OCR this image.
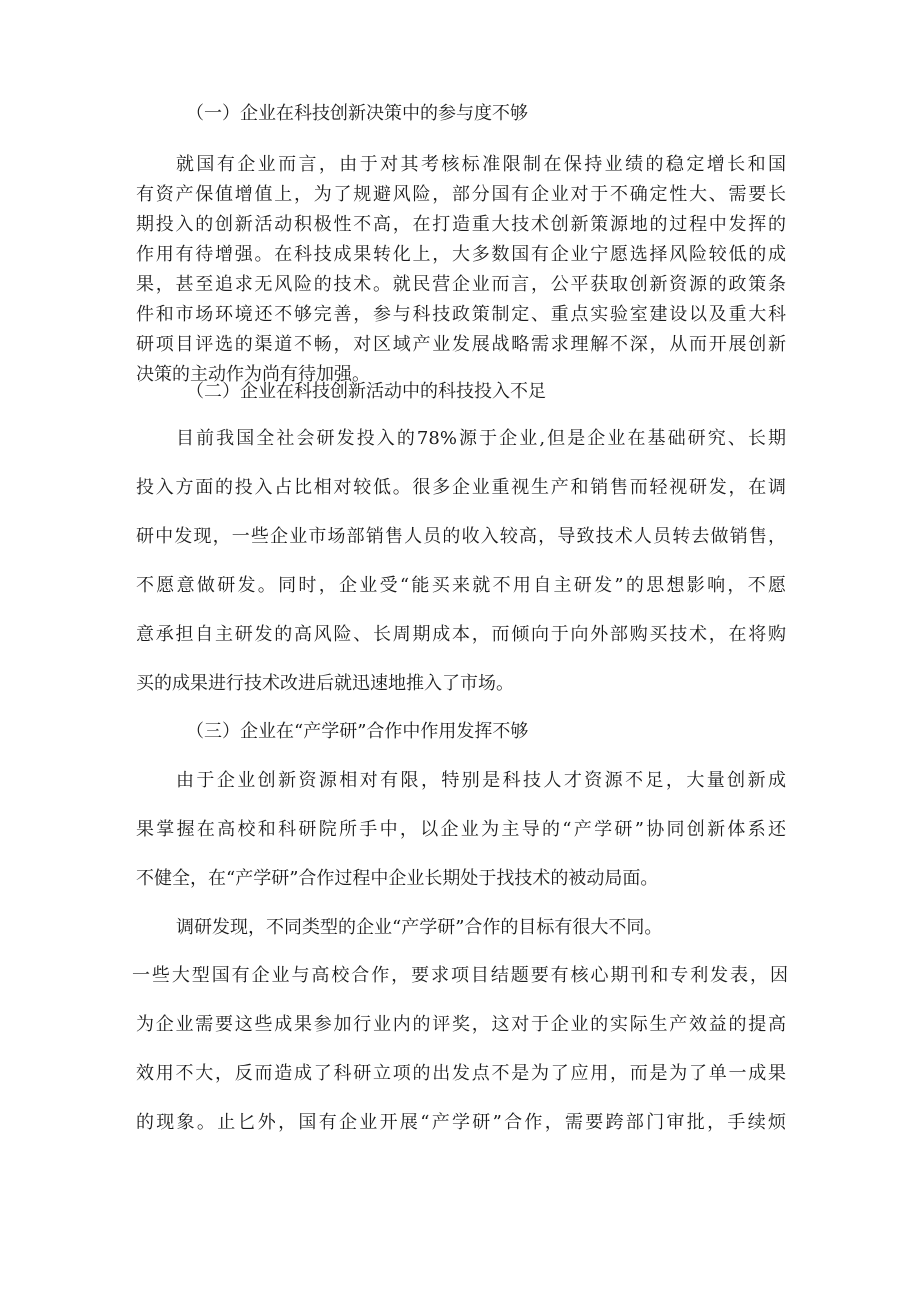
（一）企业在科技创新决策中的参与度不够
就国有企业而言，由于对其考核标准限制在保持业绩的稳定增长和国
有资产保值增值上，为了规避风险，部分国有企业对于不确定性大、需要长
期投入的创新活动积极性不高，在打造重大技术创新策源地的过程中发挥的
作用有待增强。在科技成果转化上，大多数国有企业宁愿选择风险较低的成
果，甚至追求无风险的技术。就民营企业而言，公平获取创新资源的政策条
件和市场环境还不够完善，参与科技政策制定、重点实验室建设以及重大科
研项目评选的渠道不畅，对区域产业发展战略需求理解不深，从而开展创新
决策的主动作为尚有待加强。
（二）企业在科技创新活动中的科技投入不足
目前我国全社会研发投入的78%源于企业,但是企业在基础研究、长期
投入方面的投入占比相对较低。很多企业重视生产和销售而轻视研发，在调
研中发现，一些企业市场部销售人员的收入较高，导致技术人员转去做销售，
不愿意做研发。同时，企业受“能买来就不用自主研发”的思想影响，不愿
意承担自主研发的高风险、长周期成本，而倾向于向外部购买技术，在将购
买的成果进行技术改进后就迅速地推入了市场。
（三）企业在“产学研”合作中作用发挥不够
由于企业创新资源相对有限，特别是科技人才资源不足，大量创新成
果掌握在高校和科研院所手中，以企业为主导的“产学研”协同创新体系还
不健全，在“产学研”合作过程中企业长期处于找技术的被动局面。
调研发现，不同类型的企业“产学研”合作的目标有很大不同。
一些大型国有企业与高校合作，要求项目结题要有核心期刊和专利发表，因
为企业需要这些成果参加行业内的评奖，这对于企业的实际生产效益的提高
效用不大，反而造成了科研立项的出发点不是为了应用，而是为了单一成果
的现象。止匕外，国有企业开展“产学研”合作，需要跨部门审批，手续烦
